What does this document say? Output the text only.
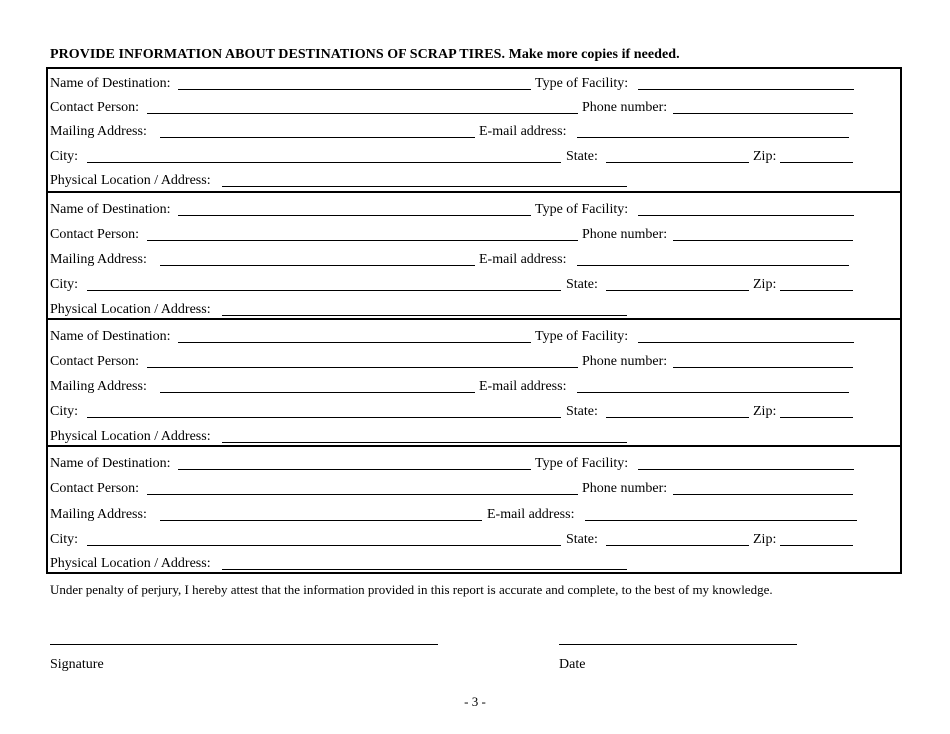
PROVIDE INFORMATION ABOUT DESTINATIONS OF SCRAP TIRES. Make more copies if needed.
Name of Destination:	Type of Facility:
Contact Person:	Phone number:
Mailing Address:	E-mail address:
City:	State:	Zip:
Physical Location / Address:
Name of Destination:	Type of Facility:
Contact Person:	Phone number:
Mailing Address:	E-mail address:
City:	State:	Zip:
Physical Location / Address:
Name of Destination:	Type of Facility:
Contact Person:	Phone number:
Mailing Address:	E-mail address:
City:	State:	Zip:
Physical Location / Address:
Name of Destination:	Type of Facility:
Contact Person:	Phone number:
Mailing Address:	E-mail address:
City:	State:	Zip:
Physical Location / Address:
Under penalty of perjury, I hereby attest that the information provided in this report is accurate and complete, to the best of my knowledge.
Signature	Date
- 3 -
